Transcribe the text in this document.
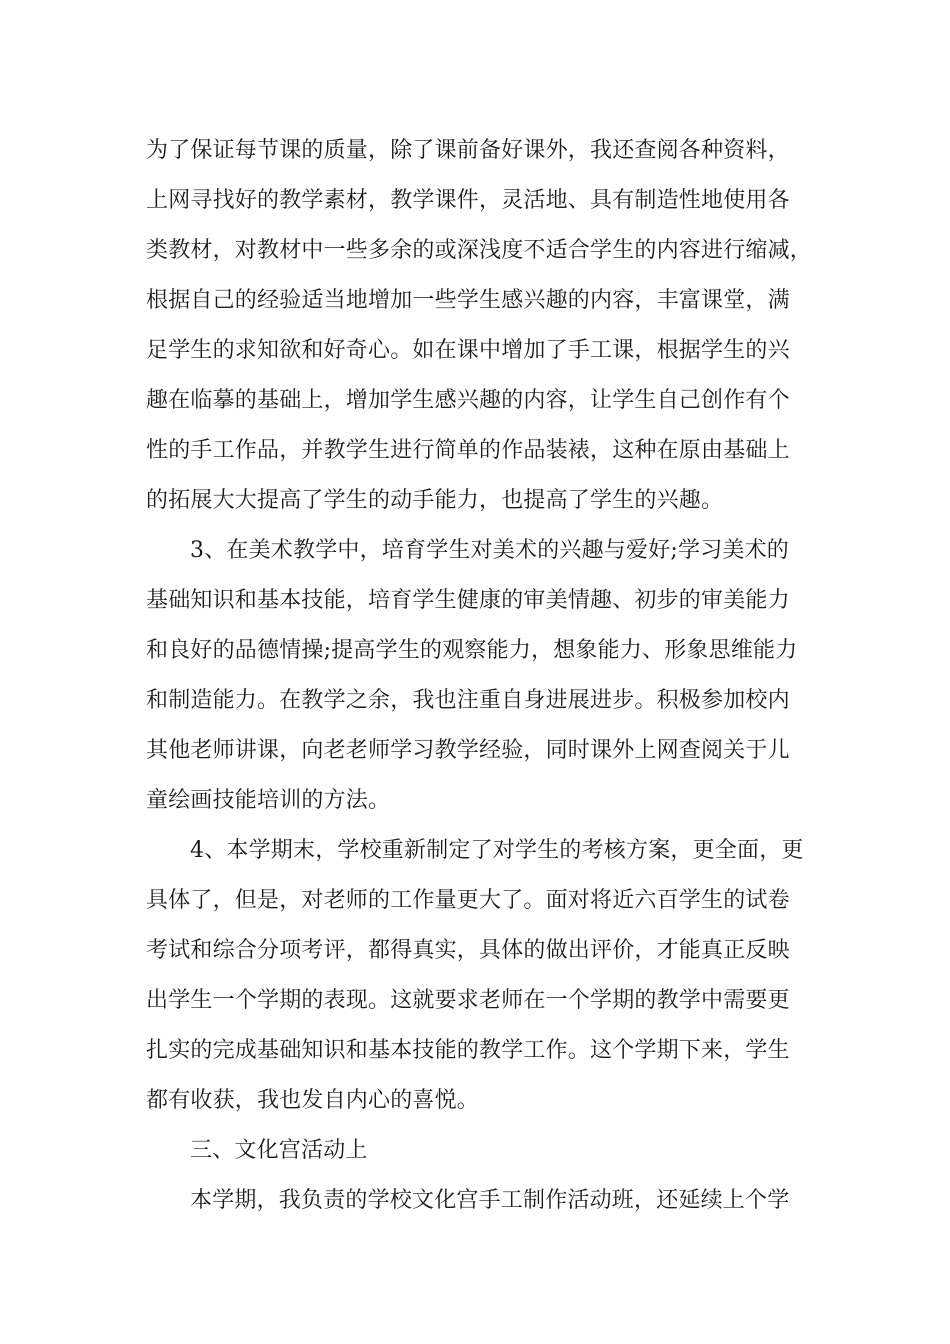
为了保证每节课的质量，除了课前备好课外，我还查阅各种资料，
上网寻找好的教学素材，教学课件，灵活地、具有制造性地使用各
类教材，对教材中一些多余的或深浅度不适合学生的内容进行缩减，
根据自己的经验适当地增加一些学生感兴趣的内容，丰富课堂，满
足学生的求知欲和好奇心。如在课中增加了手工课，根据学生的兴
趣在临摹的基础上，增加学生感兴趣的内容，让学生自己创作有个
性的手工作品，并教学生进行简单的作品装裱，这种在原由基础上
的拓展大大提高了学生的动手能力，也提高了学生的兴趣。
3、在美术教学中，培育学生对美术的兴趣与爱好;学习美术的
基础知识和基本技能，培育学生健康的审美情趣、初步的审美能力
和良好的品德情操;提高学生的观察能力，想象能力、形象思维能力
和制造能力。在教学之余，我也注重自身进展进步。积极参加校内
其他老师讲课，向老老师学习教学经验，同时课外上网查阅关于儿
童绘画技能培训的方法。
4、本学期末，学校重新制定了对学生的考核方案，更全面，更
具体了，但是，对老师的工作量更大了。面对将近六百学生的试卷
考试和综合分项考评，都得真实，具体的做出评价，才能真正反映
出学生一个学期的表现。这就要求老师在一个学期的教学中需要更
扎实的完成基础知识和基本技能的教学工作。这个学期下来，学生
都有收获，我也发自内心的喜悦。
三、文化宫活动上
本学期，我负责的学校文化宫手工制作活动班，还延续上个学
